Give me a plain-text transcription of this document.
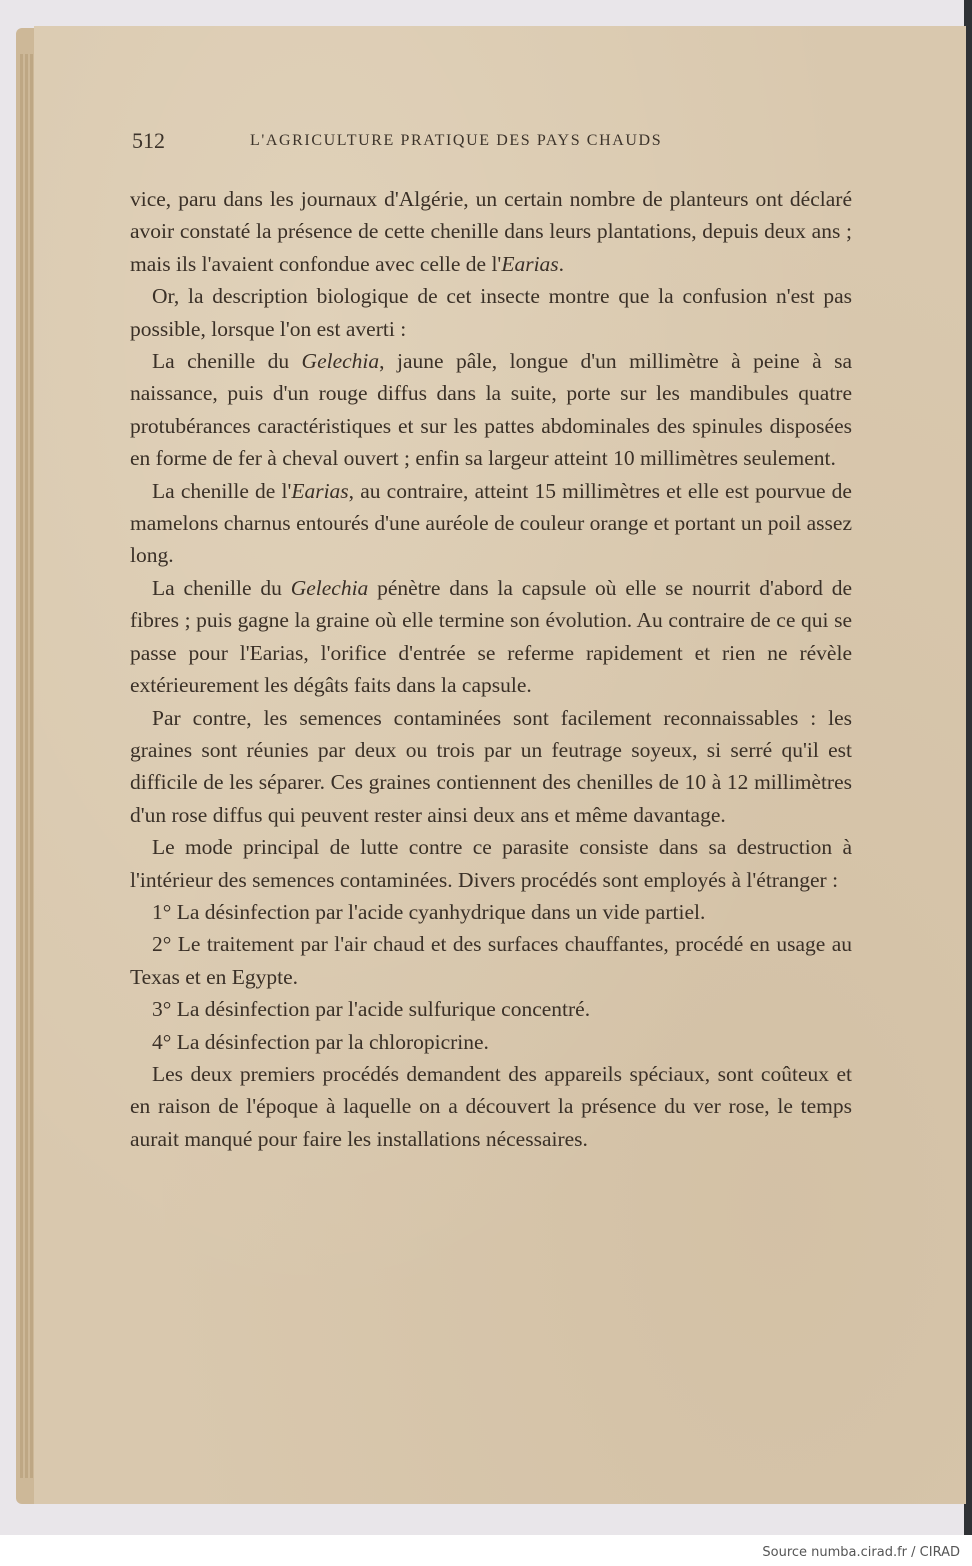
512	L'AGRICULTURE PRATIQUE DES PAYS CHAUDS

vice, paru dans les journaux d'Algérie, un certain nombre de planteurs ont déclaré avoir constaté la présence de cette chenille dans leurs plantations, depuis deux ans ; mais ils l'avaient confondue avec celle de l'Earias.

Or, la description biologique de cet insecte montre que la confusion n'est pas possible, lorsque l'on est averti :

La chenille du Gelechia, jaune pâle, longue d'un millimètre à peine à sa naissance, puis d'un rouge diffus dans la suite, porte sur les mandibules quatre protubérances caractéristiques et sur les pattes abdominales des spinules disposées en forme de fer à cheval ouvert ; enfin sa largeur atteint 10 millimètres seulement.

La chenille de l'Earias, au contraire, atteint 15 millimètres et elle est pourvue de mamelons charnus entourés d'une auréole de couleur orange et portant un poil assez long.

La chenille du Gelechia pénètre dans la capsule où elle se nourrit d'abord de fibres ; puis gagne la graine où elle termine son évolution. Au contraire de ce qui se passe pour l'Earias, l'orifice d'entrée se referme rapidement et rien ne révèle extérieurement les dégâts faits dans la capsule.

Par contre, les semences contaminées sont facilement reconnaissables : les graines sont réunies par deux ou trois par un feutrage soyeux, si serré qu'il est difficile de les séparer. Ces graines contiennent des chenilles de 10 à 12 millimètres d'un rose diffus qui peuvent rester ainsi deux ans et même davantage.

Le mode principal de lutte contre ce parasite consiste dans sa destruction à l'intérieur des semences contaminées. Divers procédés sont employés à l'étranger :

1° La désinfection par l'acide cyanhydrique dans un vide partiel.

2° Le traitement par l'air chaud et des surfaces chauffantes, procédé en usage au Texas et en Egypte.

3° La désinfection par l'acide sulfurique concentré.

4° La désinfection par la chloropicrine.

Les deux premiers procédés demandent des appareils spéciaux, sont coûteux et en raison de l'époque à laquelle on a découvert la présence du ver rose, le temps aurait manqué pour faire les installations nécessaires.

Source numba.cirad.fr / CIRAD
